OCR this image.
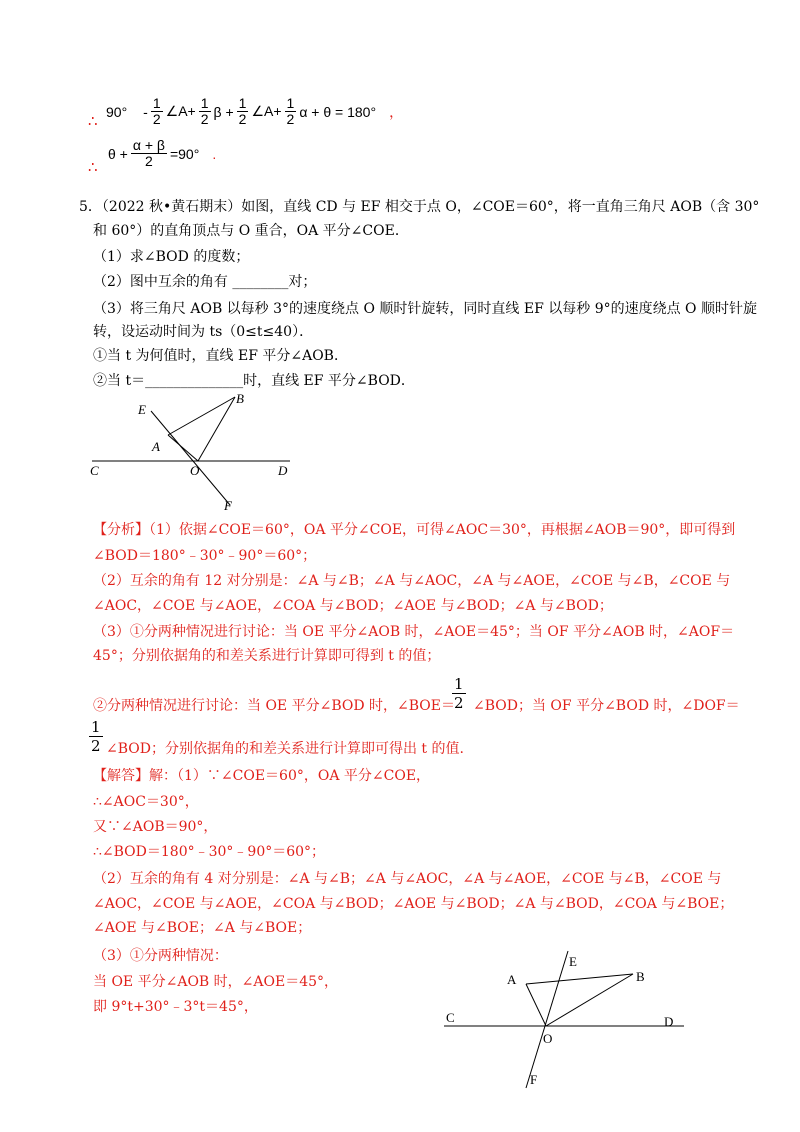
∴
$90^\circ - \frac{1}{2}$ ∠A+ $\frac{1}{2}$ $\beta + \frac{1}{2}$ ∠A+ $\frac{1}{2}$ α + θ = 180° ，
∴
$\theta + \frac{\alpha + \beta}{2} =90^\circ$ .
5．（2022 秋•黄石期末）如图，直线 CD 与 EF 相交于点 O，∠COE＝60°，将一直角三角尺 AOB（含 30°
和 60°）的直角顶点与 O 重合，OA 平分∠COE．
（1）求∠BOD 的度数；
（2）图中互余的角有 ________对；
（3）将三角尺 AOB 以每秒 3°的速度绕点 O 顺时针旋转，同时直线 EF 以每秒 9°的速度绕点 O 顺时针旋
转，设运动时间为 ts（0≤t≤40）．
①当 t 为何值时，直线 EF 平分∠AOB．
②当 t＝______________时，直线 EF 平分∠BOD．
E
B
A
C	O	D
F
【分析】（1）依据∠COE＝60°，OA 平分∠COE，可得∠AOC＝30°，再根据∠AOB＝90°，即可得到
∠BOD＝180°﹣30°﹣90°＝60°；
（2）互余的角有 12 对分别是：∠A 与∠B；∠A 与∠AOC，∠A 与∠AOE，∠COE 与∠B，∠COE 与
∠AOC，∠COE 与∠AOE，∠COA 与∠BOD；∠AOE 与∠BOD；∠A 与∠BOD；
（3）①分两种情况进行讨论：当 OE 平分∠AOB 时，∠AOE＝45°；当 OF 平分∠AOB 时，∠AOF＝
45°；分别依据角的和差关系进行计算即可得到 t 的值；
②分两种情况进行讨论：当 OE 平分∠BOD 时，∠BOE＝
$\frac{1}{2}$ ∠BOD；当 OF 平分∠BOD 时，∠DOF＝
$\frac{1}{2}$ ∠BOD；分别依据角的和差关系进行计算即可得出 t 的值.
【解答】解：（1）∵∠COE＝60°，OA 平分∠COE，
∴∠AOC＝30°，
又∵∠AOB＝90°，
∴∠BOD＝180°﹣30°﹣90°＝60°；
（2）互余的角有 4 对分别是：∠A 与∠B；∠A 与∠AOC，∠A 与∠AOE，∠COE 与∠B，∠COE 与
∠AOC，∠COE 与∠AOE，∠COA 与∠BOD；∠AOE 与∠BOD；∠A 与∠BOD，∠COA 与∠BOE；
∠AOE 与∠BOE；∠A 与∠BOE；
（3）①分两种情况：
当 OE 平分∠AOB 时，∠AOE＝45°，
即 9°t+30°﹣3°t＝45°，
A
E
B
C	D
O
F
